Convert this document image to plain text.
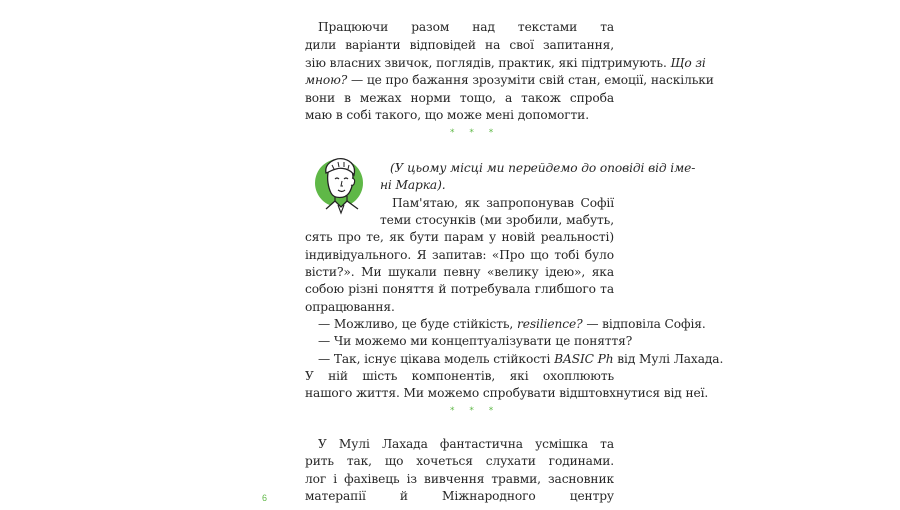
Працюючи разом над текстами та
дили варіанти відповідей на свої запитання,
зію власних звичок, поглядів, практик, які підтримують. Що зі
мною? — це про бажання зрозуміти свій стан, емоції, наскільки
вони в межах норми тощо, а також спроба
маю в собі такого, що може мені допомогти.
* * *
(У цьому місці ми перейдемо до оповіді від іме-
ні Марка).
Пам'ятаю, як запропонував Софії
теми стосунків (ми зробили, мабуть,
сять про те, як бути парам у новій реальності)
індивідуального. Я запитав: «Про що тобі було
вісти?». Ми шукали певну «велику ідею», яка
собою різні поняття й потребувала глибшого та
опрацювання.
— Можливо, це буде стійкість, resilience? — відповіла Софія.
— Чи можемо ми концептуалізувати це поняття?
— Так, існує цікава модель стійкості BASIC Ph від Мулі Лахада.
У ній шість компонентів, які охоплюють
нашого життя. Ми можемо спробувати відштовхнутися від неї.
* * *
У Мулі Лахада фантастична усмішка та
рить так, що хочеться слухати годинами.
лог і фахівець із вивчення травми, засновник
матерапії й Міжнародного центру
6
